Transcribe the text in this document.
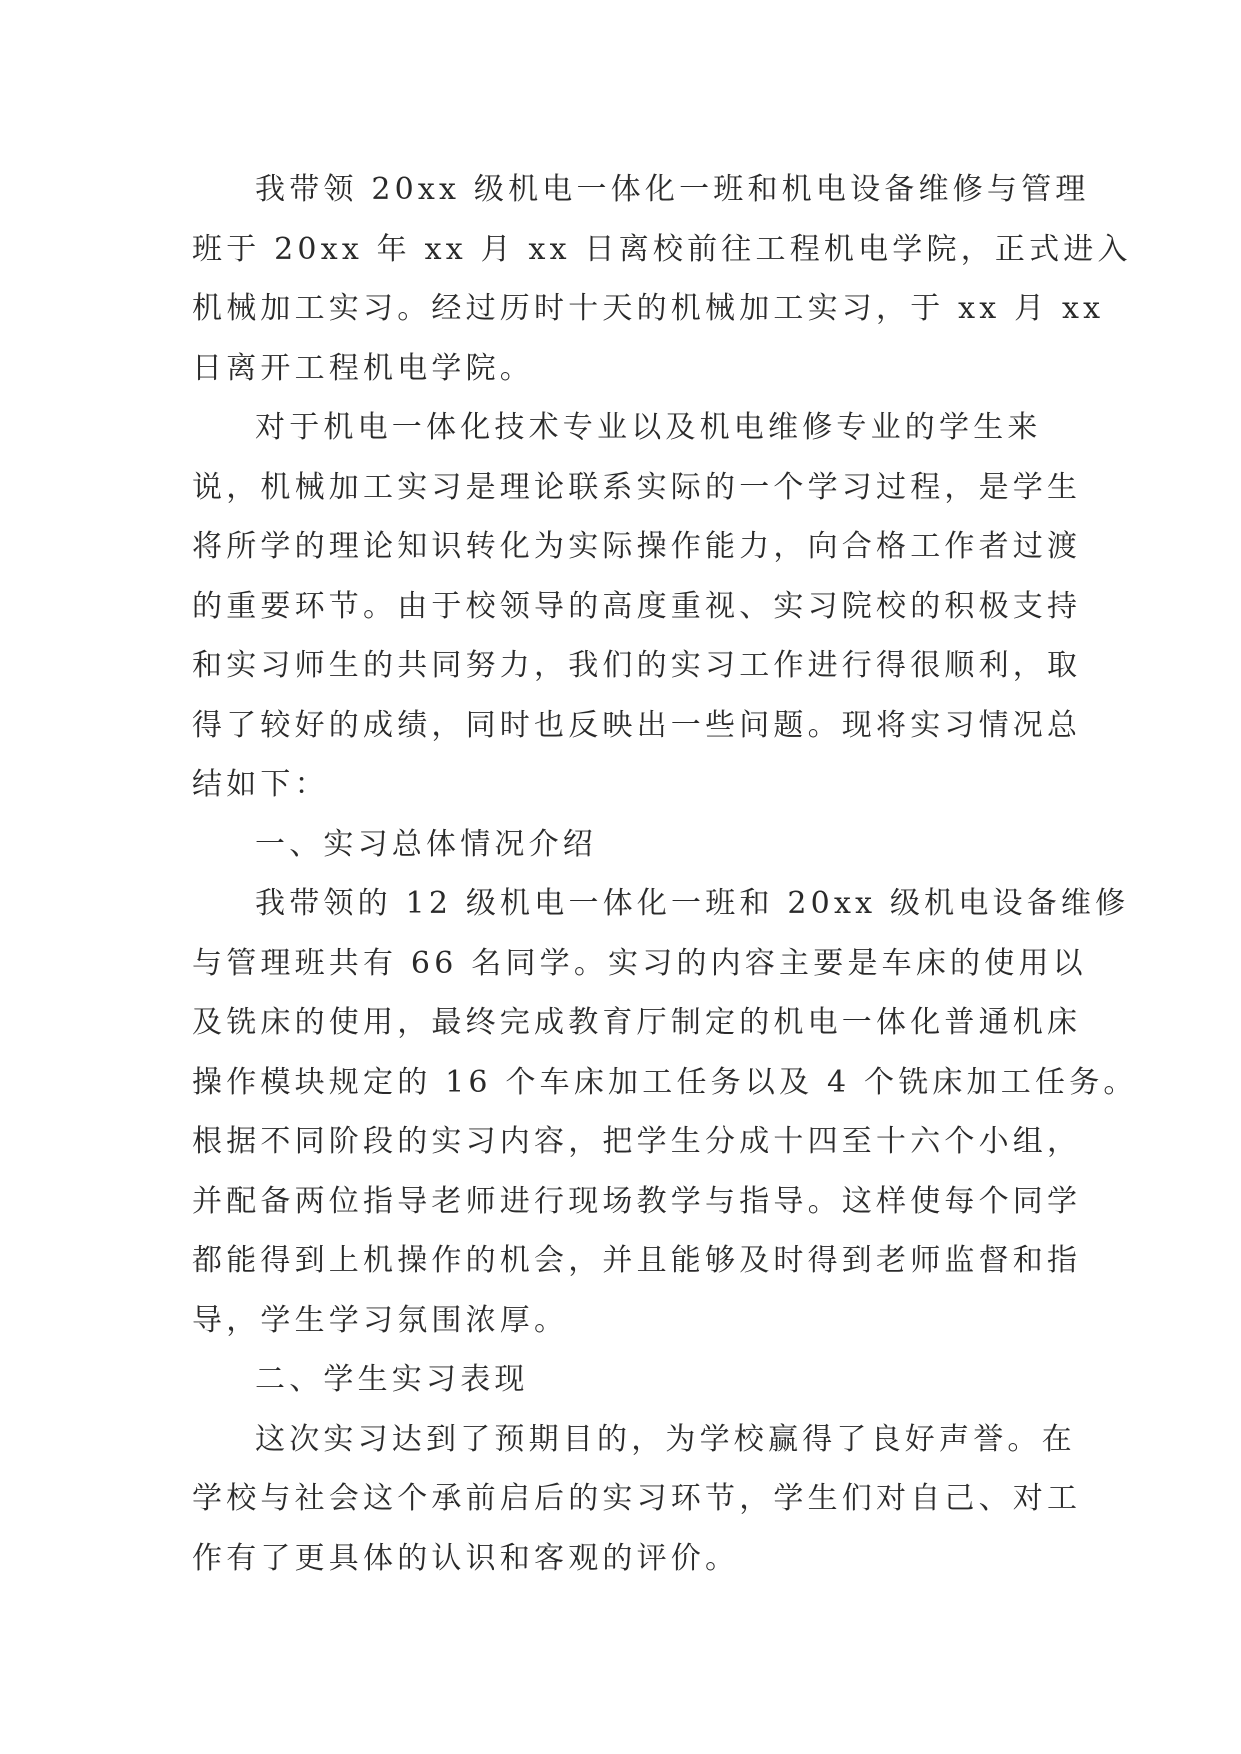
我带领 20xx 级机电一体化一班和机电设备维修与管理
班于 20xx 年 xx 月 xx 日离校前往工程机电学院，正式进入
机械加工实习。经过历时十天的机械加工实习，于 xx 月 xx
日离开工程机电学院。
对于机电一体化技术专业以及机电维修专业的学生来
说，机械加工实习是理论联系实际的一个学习过程，是学生
将所学的理论知识转化为实际操作能力，向合格工作者过渡
的重要环节。由于校领导的高度重视、实习院校的积极支持
和实习师生的共同努力，我们的实习工作进行得很顺利，取
得了较好的成绩，同时也反映出一些问题。现将实习情况总
结如下：
一、实习总体情况介绍
我带领的 12 级机电一体化一班和 20xx 级机电设备维修
与管理班共有 66 名同学。实习的内容主要是车床的使用以
及铣床的使用，最终完成教育厅制定的机电一体化普通机床
操作模块规定的 16 个车床加工任务以及 4 个铣床加工任务。
根据不同阶段的实习内容，把学生分成十四至十六个小组，
并配备两位指导老师进行现场教学与指导。这样使每个同学
都能得到上机操作的机会，并且能够及时得到老师监督和指
导，学生学习氛围浓厚。
二、学生实习表现
这次实习达到了预期目的，为学校赢得了良好声誉。在
学校与社会这个承前启后的实习环节，学生们对自己、对工
作有了更具体的认识和客观的评价。
